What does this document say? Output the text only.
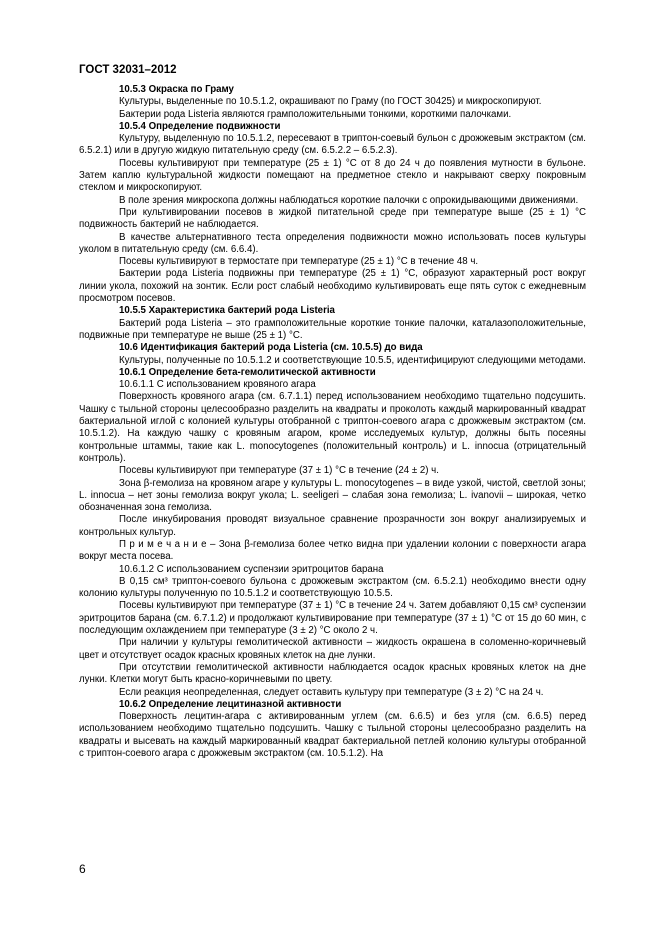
ГОСТ 32031–2012

10.5.3 Окраска по Граму

Культуры, выделенные по 10.5.1.2, окрашивают по Граму (по ГОСТ 30425) и микроскопируют.

Бактерии рода Listeria являются грамположительными тонкими, короткими палочками.

10.5.4 Определение подвижности

Культуру, выделенную по 10.5.1.2, пересевают в триптон-соевый бульон с дрожжевым экстрактом (см. 6.5.2.1) или в другую жидкую питательную среду (см. 6.5.2.2 – 6.5.2.3).

Посевы культивируют при температуре (25 ± 1) °С от 8 до 24 ч до появления мутности в бульоне. Затем каплю культуральной жидкости помещают на предметное стекло и накрывают сверху покровным стеклом и микроскопируют.

В поле зрения микроскопа должны наблюдаться короткие палочки с опрокидывающими движениями.

При культивировании посевов в жидкой питательной среде при температуре выше (25 ± 1) °С подвижность бактерий не наблюдается.

В качестве альтернативного теста определения подвижности можно использовать посев культуры уколом в питательную среду (см. 6.6.4).

Посевы культивируют в термостате при температуре (25 ± 1) °С в течение 48 ч.

Бактерии рода Listeria подвижны при температуре (25 ± 1) °С, образуют характерный рост вокруг линии укола, похожий на зонтик. Если рост слабый необходимо культивировать еще пять суток с ежедневным просмотром посевов.

10.5.5 Характеристика бактерий рода Listeria

Бактерий рода Listeria – это грамположительные короткие тонкие палочки, каталазоположительные, подвижные при температуре не выше (25 ± 1) °С.

10.6 Идентификация бактерий рода Listeria (см. 10.5.5) до вида

Культуры, полученные по 10.5.1.2 и соответствующие 10.5.5, идентифицируют следующими методами.

10.6.1 Определение бета-гемолитической активности

10.6.1.1 С использованием кровяного агара

Поверхность кровяного агара (см. 6.7.1.1) перед использованием необходимо тщательно подсушить. Чашку с тыльной стороны целесообразно разделить на квадраты и проколоть каждый маркированный квадрат бактериальной иглой с колонией культуры отобранной с триптон-соевого агара с дрожжевым экстрактом (см. 10.5.1.2). На каждую чашку с кровяным агаром, кроме исследуемых культур, должны быть посеяны контрольные штаммы, такие как L. monocytogenes (положительный контроль) и L. innocua (отрицательный контроль).

Посевы культивируют при температуре (37 ± 1) °С в течение (24 ± 2) ч.

Зона β-гемолиза на кровяном агаре у культуры L. monocytogenes – в виде узкой, чистой, светлой зоны; L. innocua – нет зоны гемолиза вокруг укола; L. seeligeri – слабая зона гемолиза; L. ivanovii – широкая, четко обозначенная зона гемолиза.

После инкубирования проводят визуальное сравнение прозрачности зон вокруг анализируемых и контрольных культур.

П р и м е ч а н и е – Зона β-гемолиза более четко видна при удалении колонии с поверхности агара вокруг места посева.

10.6.1.2 С использованием суспензии эритроцитов барана

В 0,15 см³ триптон-соевого бульона с дрожжевым экстрактом (см. 6.5.2.1) необходимо внести одну колонию культуры полученную по 10.5.1.2 и соответствующую 10.5.5.

Посевы культивируют при температуре (37 ± 1) °С в течение 24 ч. Затем добавляют 0,15 см³ суспензии эритроцитов барана (см. 6.7.1.2) и продолжают культивирование при температуре (37 ± 1) °С от 15 до 60 мин, с последующим охлаждением при температуре (3 ± 2) °С около 2 ч.

При наличии у культуры гемолитической активности – жидкость окрашена в соломенно-коричневый цвет и отсутствует осадок красных кровяных клеток на дне лунки.

При отсутствии гемолитической активности наблюдается осадок красных кровяных клеток на дне лунки. Клетки могут быть красно-коричневыми по цвету.

Если реакция неопределенная, следует оставить культуру при температуре (3 ± 2) °С на 24 ч.

10.6.2 Определение лецитиназной активности

Поверхность лецитин-агара с активированным углем (см. 6.6.5) и без угля (см. 6.6.5) перед использованием необходимо тщательно подсушить. Чашку с тыльной стороны целесообразно разделить на квадраты и высевать на каждый маркированный квадрат бактериальной петлей колонию культуры отобранной с триптон-соевого агара с дрожжевым экстрактом (см. 10.5.1.2). На

6
